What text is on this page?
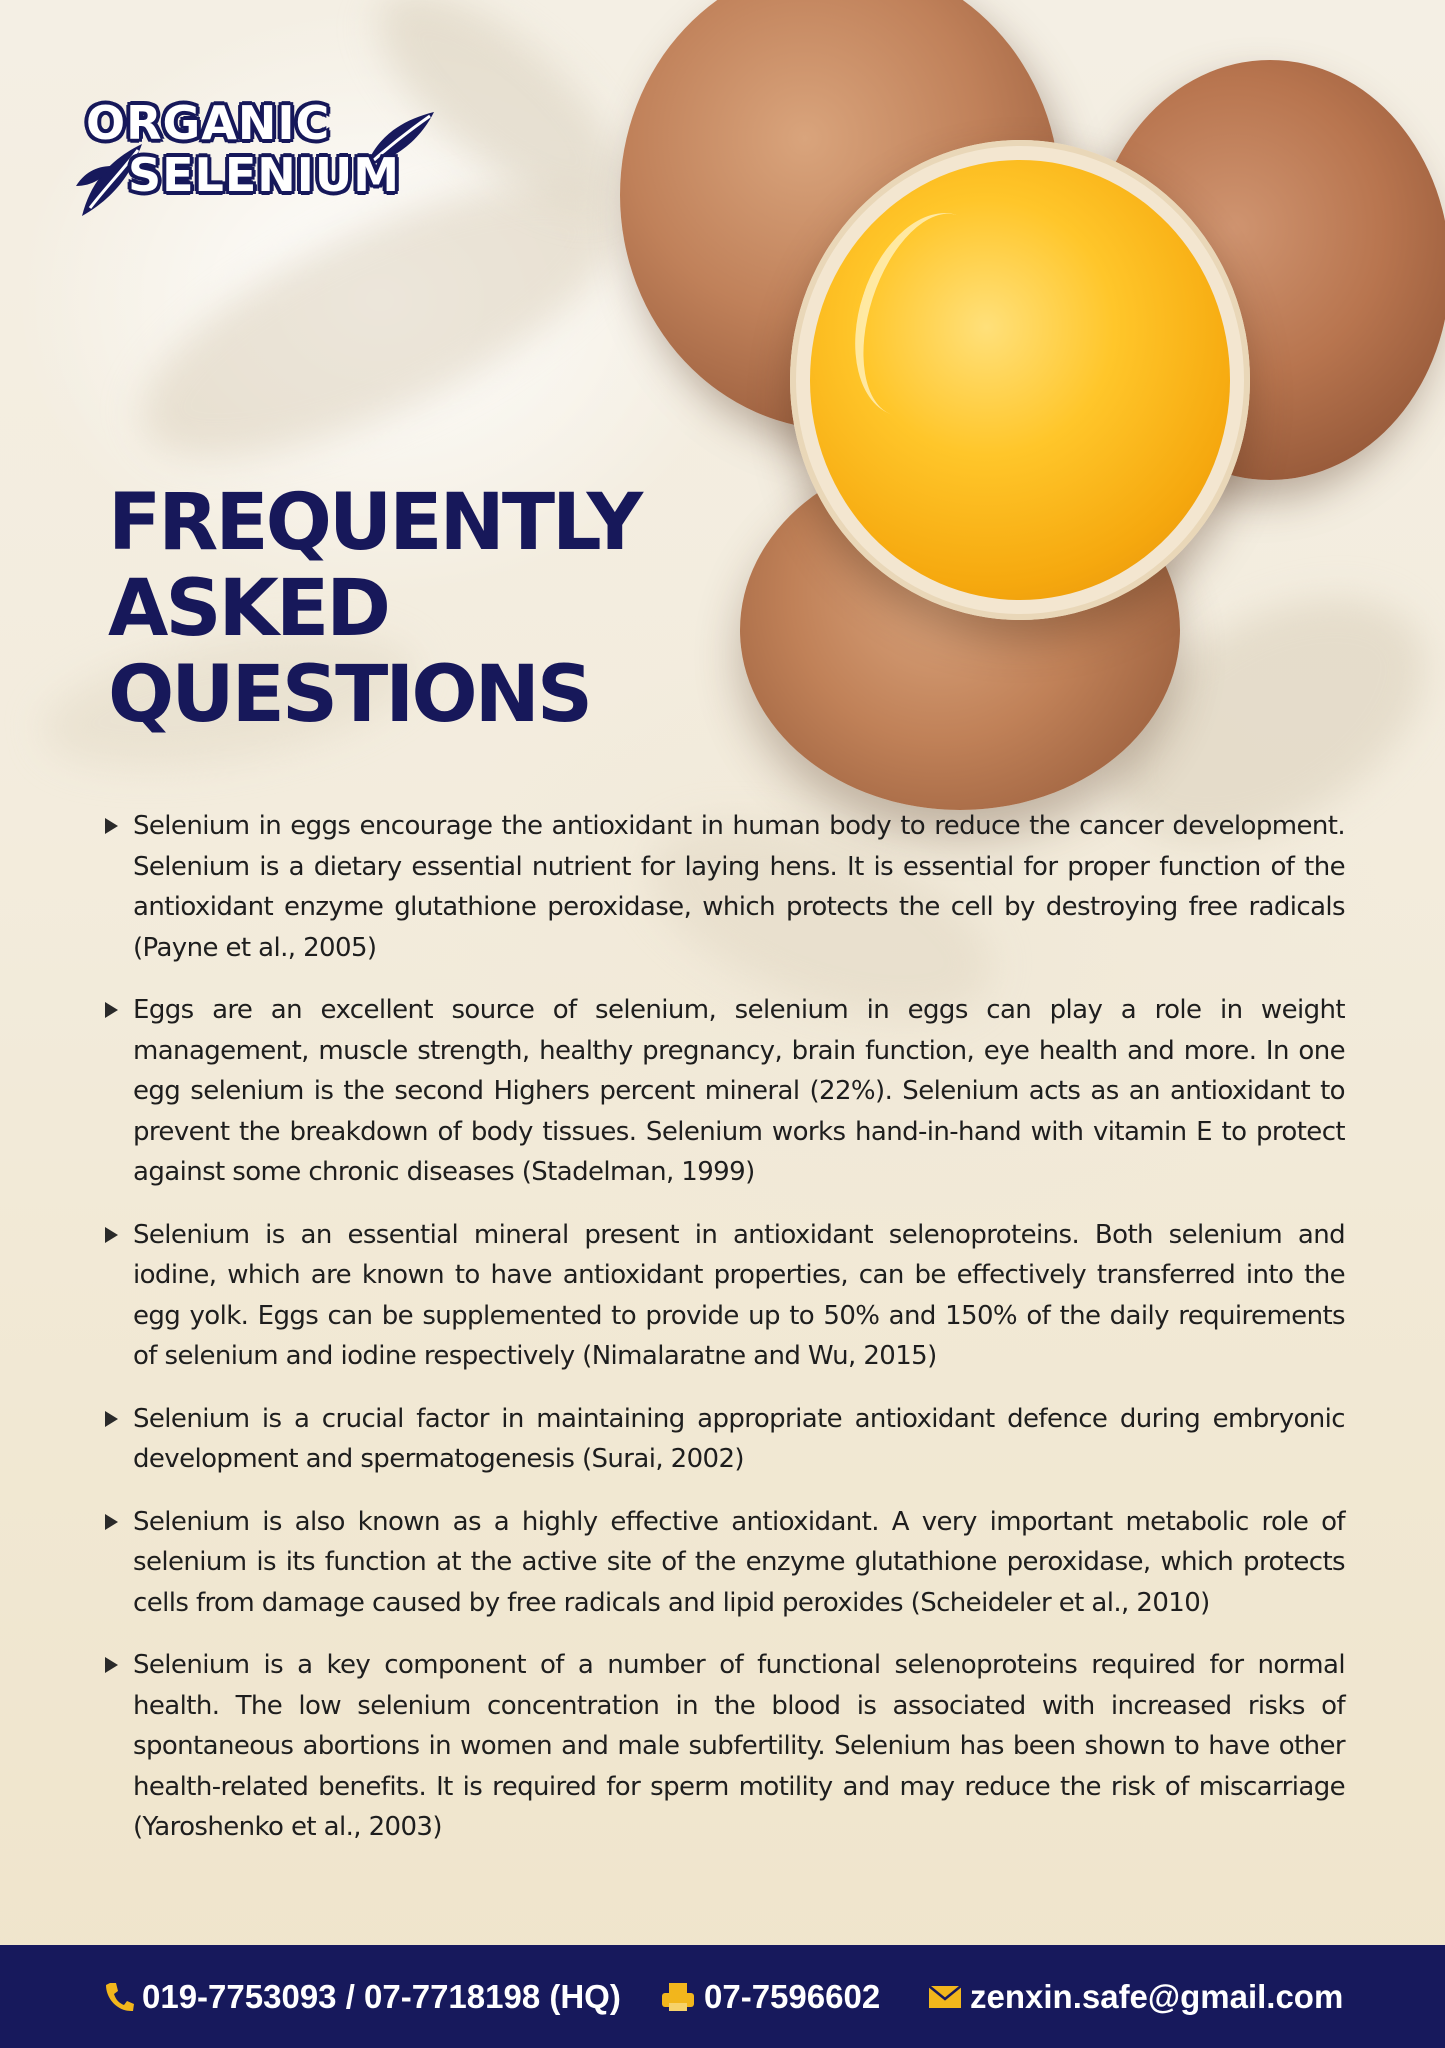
ORGANIC
SELENIUM
FREQUENTLY
ASKED
QUESTIONS
Selenium in eggs encourage the antioxidant in human body to reduce the cancer development. Selenium is a dietary essential nutrient for laying hens. It is essential for proper function of the antioxidant enzyme glutathione peroxidase, which protects the cell by destroying free radicals (Payne et al., 2005)
Eggs are an excellent source of selenium, selenium in eggs can play a role in weight management, muscle strength, healthy pregnancy, brain function, eye health and more. In one egg selenium is the second Highers percent mineral (22%). Selenium acts as an antioxidant to prevent the breakdown of body tissues. Selenium works hand-in-hand with vitamin E to protect against some chronic diseases (Stadelman, 1999)
Selenium is an essential mineral present in antioxidant selenoproteins. Both selenium and iodine, which are known to have antioxidant properties, can be effectively transferred into the egg yolk. Eggs can be supplemented to provide up to 50% and 150% of the daily requirements of selenium and iodine respectively (Nimalaratne and Wu, 2015)
Selenium is a crucial factor in maintaining appropriate antioxidant defence during embryonic development and spermatogenesis (Surai, 2002)
Selenium is also known as a highly effective antioxidant. A very important metabolic role of selenium is its function at the active site of the enzyme glutathione peroxidase, which protects cells from damage caused by free radicals and lipid peroxides (Scheideler et al., 2010)
Selenium is a key component of a number of functional selenoproteins required for normal health. The low selenium concentration in the blood is associated with increased risks of spontaneous abortions in women and male subfertility. Selenium has been shown to have other health-related benefits. It is required for sperm motility and may reduce the risk of miscarriage (Yaroshenko et al., 2003)
019-7753093 / 07-7718198 (HQ)	07-7596602	zenxin.safe@gmail.com
